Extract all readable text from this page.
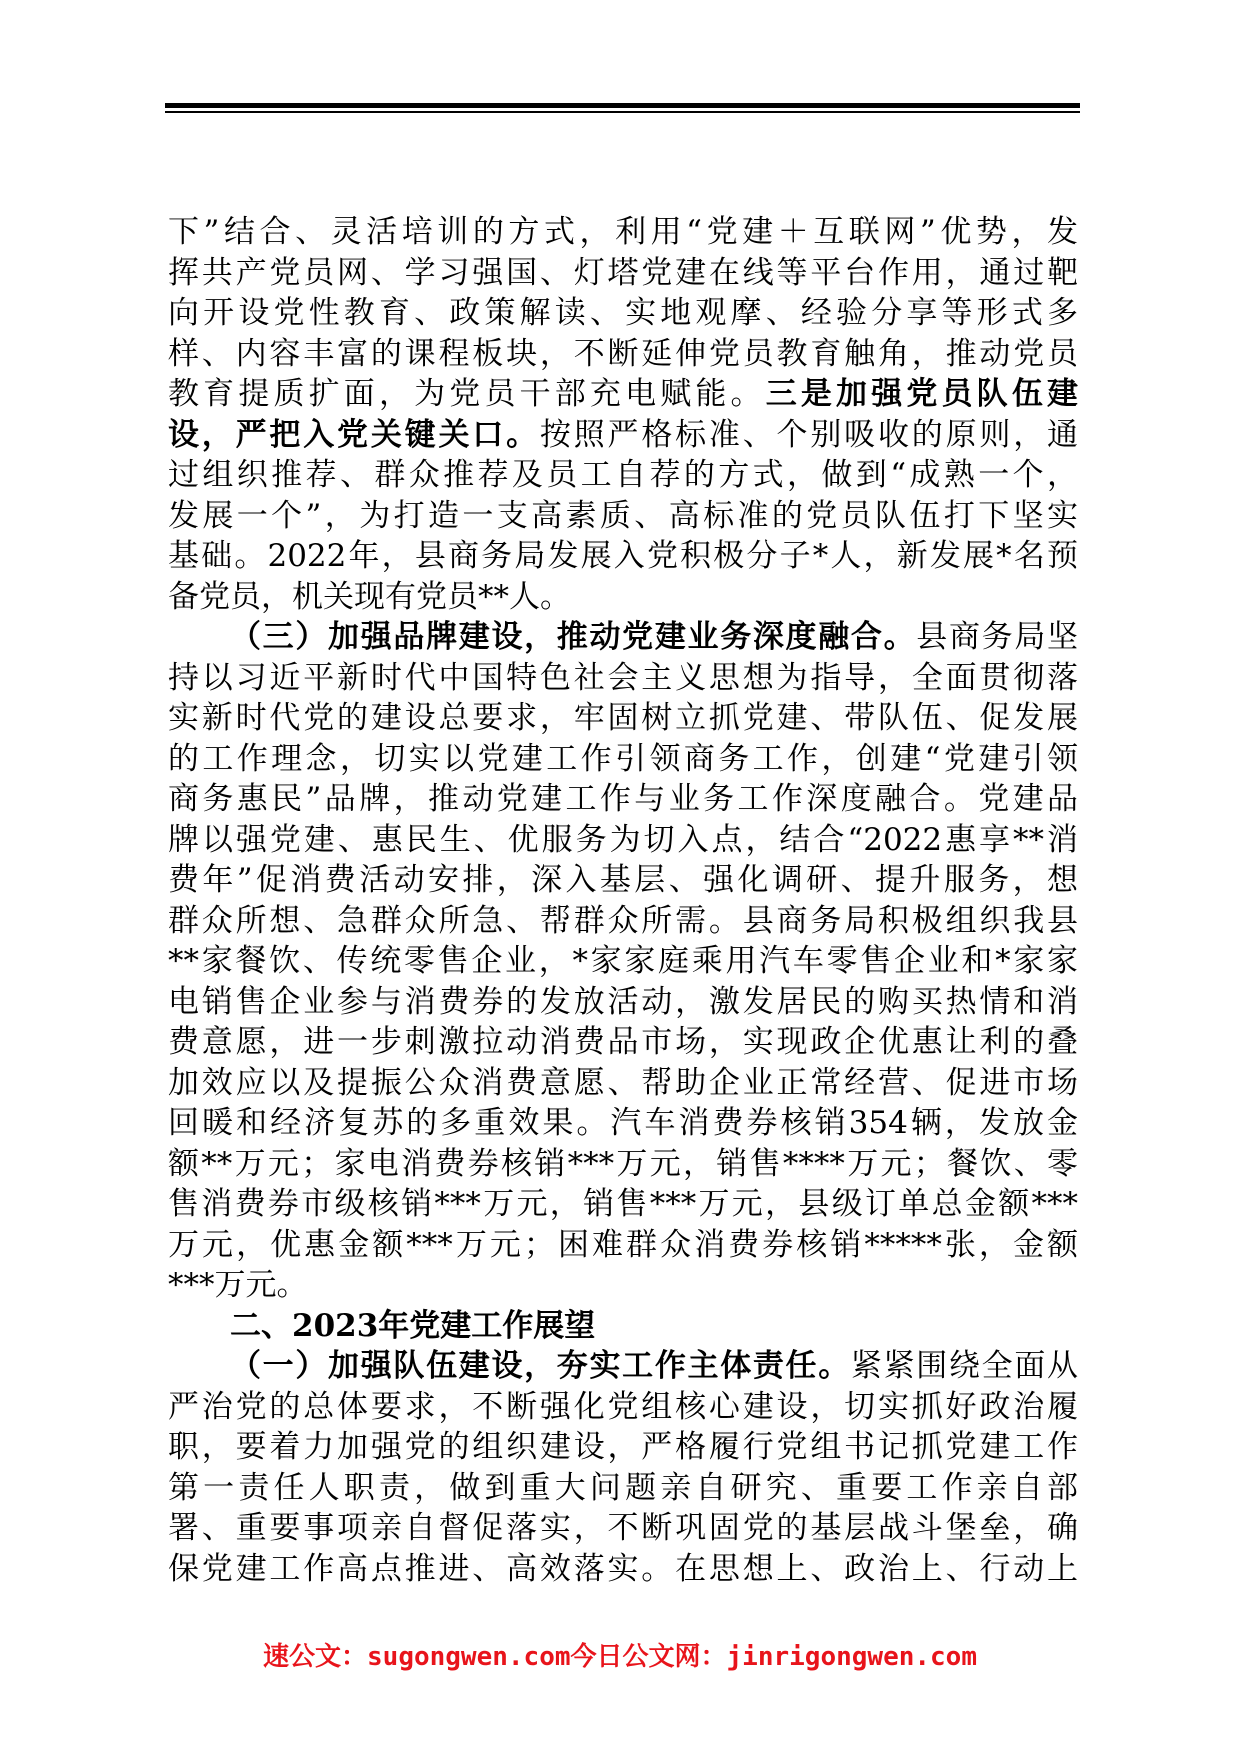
下”结合、灵活培训的方式，利用“党建＋互联网”优势，发
挥共产党员网、学习强国、灯塔党建在线等平台作用，通过靶
向开设党性教育、政策解读、实地观摩、经验分享等形式多
样、内容丰富的课程板块，不断延伸党员教育触角，推动党员
教育提质扩面，为党员干部充电赋能。三是加强党员队伍建
设，严把入党关键关口。按照严格标准、个别吸收的原则，通
过组织推荐、群众推荐及员工自荐的方式，做到“成熟一个，
发展一个”，为打造一支高素质、高标准的党员队伍打下坚实
基础。2022年，县商务局发展入党积极分子*人，新发展*名预
备党员，机关现有党员**人。
（三）加强品牌建设，推动党建业务深度融合。县商务局坚
持以习近平新时代中国特色社会主义思想为指导，全面贯彻落
实新时代党的建设总要求，牢固树立抓党建、带队伍、促发展
的工作理念，切实以党建工作引领商务工作，创建“党建引领
商务惠民”品牌，推动党建工作与业务工作深度融合。党建品
牌以强党建、惠民生、优服务为切入点，结合“2022惠享**消
费年”促消费活动安排，深入基层、强化调研、提升服务，想
群众所想、急群众所急、帮群众所需。县商务局积极组织我县
**家餐饮、传统零售企业，*家家庭乘用汽车零售企业和*家家
电销售企业参与消费券的发放活动，激发居民的购买热情和消
费意愿，进一步刺激拉动消费品市场，实现政企优惠让利的叠
加效应以及提振公众消费意愿、帮助企业正常经营、促进市场
回暖和经济复苏的多重效果。汽车消费券核销354辆，发放金
额**万元；家电消费券核销***万元，销售****万元；餐饮、零
售消费券市级核销***万元，销售***万元，县级订单总金额***
万元，优惠金额***万元；困难群众消费券核销*****张，金额
***万元。
二、2023年党建工作展望
（一）加强队伍建设，夯实工作主体责任。紧紧围绕全面从
严治党的总体要求，不断强化党组核心建设，切实抓好政治履
职，要着力加强党的组织建设，严格履行党组书记抓党建工作
第一责任人职责，做到重大问题亲自研究、重要工作亲自部
署、重要事项亲自督促落实，不断巩固党的基层战斗堡垒，确
保党建工作高点推进、高效落实。在思想上、政治上、行动上
速公文：sugongwen.com今日公文网：jinrigongwen.com
